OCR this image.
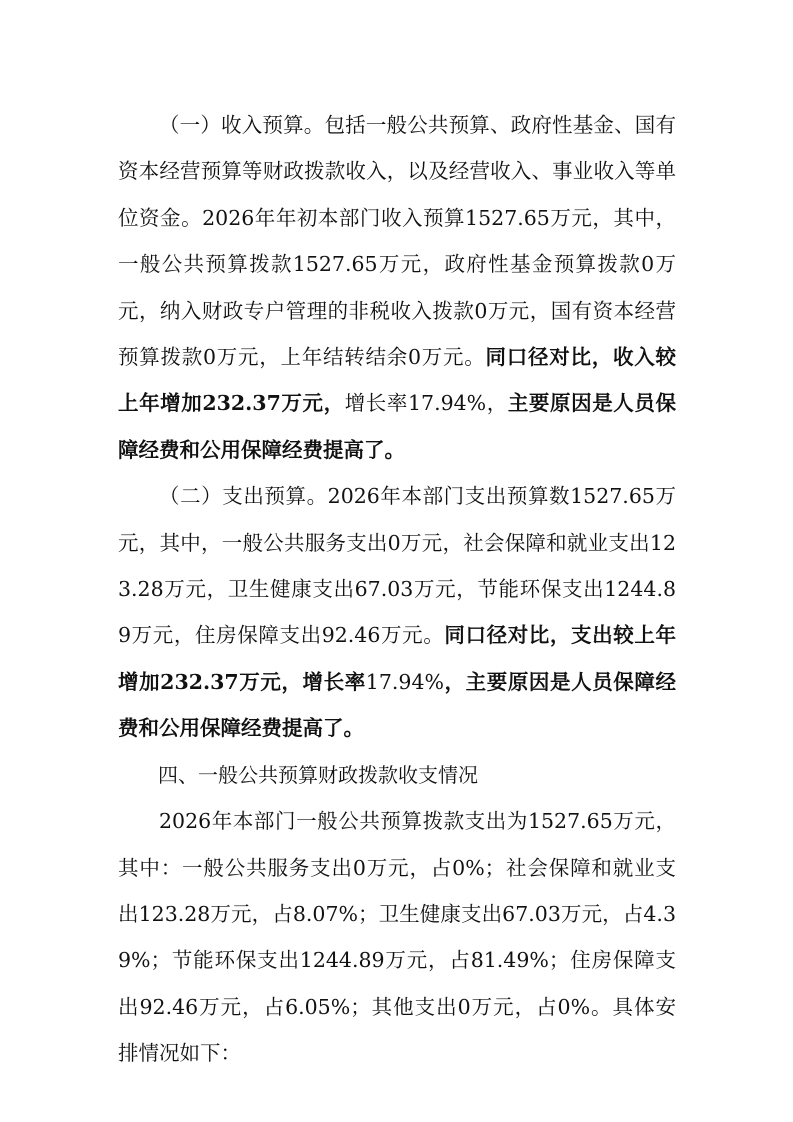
（一）收入预算。包括一般公共预算、政府性基金、国有资本经营预算等财政拨款收入，以及经营收入、事业收入等单位资金。2026年年初本部门收入预算1527.65万元，其中，一般公共预算拨款1527.65万元，政府性基金预算拨款0万元，纳入财政专户管理的非税收入拨款0万元，国有资本经营预算拨款0万元，上年结转结余0万元。同口径对比，收入较上年增加232.37万元，增长率17.94%，主要原因是人员保障经费和公用保障经费提高了。

（二）支出预算。2026年本部门支出预算数1527.65万元，其中，一般公共服务支出0万元，社会保障和就业支出123.28万元，卫生健康支出67.03万元，节能环保支出1244.89万元，住房保障支出92.46万元。同口径对比，支出较上年增加232.37万元，增长率17.94%，主要原因是人员保障经费和公用保障经费提高了。

四、一般公共预算财政拨款收支情况

2026年本部门一般公共预算拨款支出为1527.65万元，其中：一般公共服务支出0万元，占0%；社会保障和就业支出123.28万元，占8.07%；卫生健康支出67.03万元，占4.39%；节能环保支出1244.89万元，占81.49%；住房保障支出92.46万元，占6.05%；其他支出0万元，占0%。具体安排情况如下：
